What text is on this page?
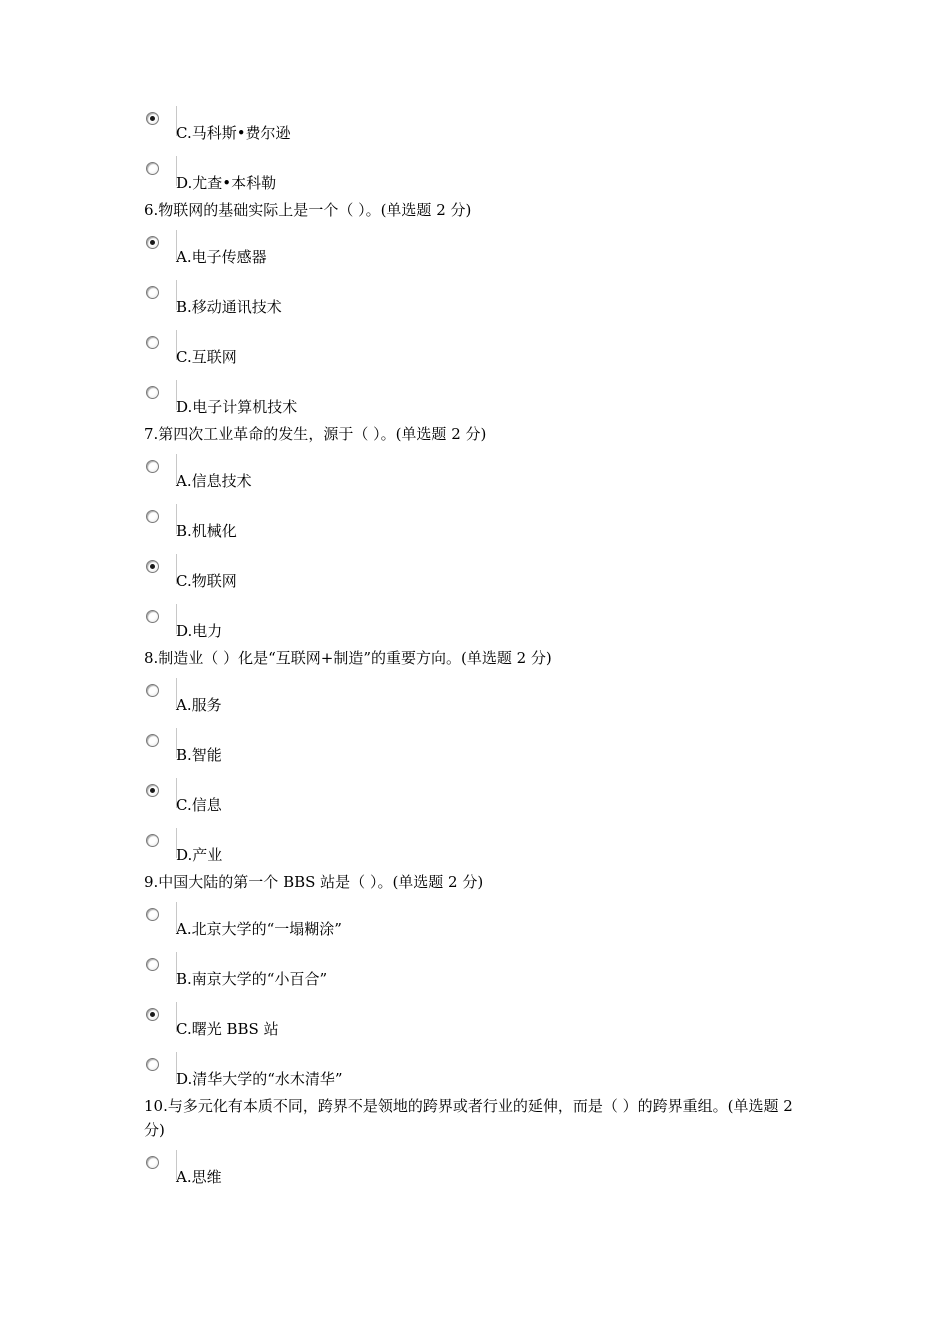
C.马科斯•费尔逊
D.尤查•本科勒
6.物联网的基础实际上是一个（ ）。(单选题 2 分)
A.电子传感器
B.移动通讯技术
C.互联网
D.电子计算机技术
7.第四次工业革命的发生，源于（ ）。(单选题 2 分)
A.信息技术
B.机械化
C.物联网
D.电力
8.制造业（ ）化是“互联网+制造”的重要方向。(单选题 2 分)
A.服务
B.智能
C.信息
D.产业
9.中国大陆的第一个 BBS 站是（ ）。(单选题 2 分)
A.北京大学的“一塌糊涂”
B.南京大学的“小百合”
C.曙光 BBS 站
D.清华大学的“水木清华”
10.与多元化有本质不同，跨界不是领地的跨界或者行业的延伸，而是（ ）的跨界重组。(单选题 2 分)
A.思维
